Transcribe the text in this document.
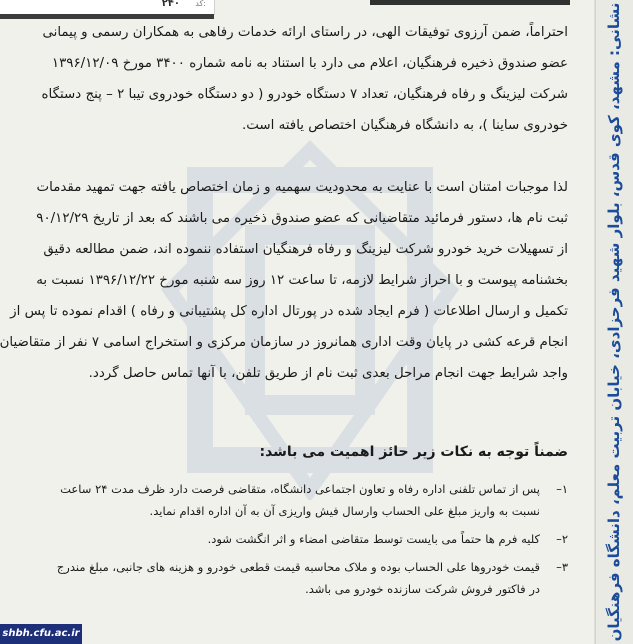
کد:
۲۴۰
احتراماً، ضمن آرزوی توفیقات الهی، در راستای ارائه خدمات رفاهی به همکاران رسمی و پیمانی
عضو صندوق ذخیره فرهنگیان، اعلام می دارد با استناد به نامه شماره ۳۴۰۰ مورخ ۱۳۹۶/۱۲/۰۹
شرکت لیزینگ و رفاه فرهنگیان، تعداد ۷ دستگاه خودرو ( دو دستگاه خودروی تیبا ۲ – پنج دستگاه
خودروی ساینا )، به دانشگاه فرهنگیان اختصاص یافته است.
لذا موجبات امتنان است با عنایت به محدودیت سهمیه و زمان اختصاص یافته جهت تمهید مقدمات
ثبت نام ها، دستور فرمائید متقاضیانی که عضو صندوق ذخیره می باشند که بعد از تاریخ ۹۰/۱۲/۲۹
از تسهیلات خرید خودرو شرکت لیزینگ و رفاه فرهنگیان استفاده ننموده اند، ضمن مطالعه دقیق
بخشنامه پیوست و با احراز شرایط لازمه، تا ساعت ۱۲ روز سه شنبه مورخ ۱۳۹۶/۱۲/۲۲ نسبت به
تکمیل و ارسال اطلاعات ( فرم ایجاد شده در پورتال اداره کل پشتیبانی و رفاه ) اقدام نموده تا پس از
انجام قرعه کشی در پایان وقت اداری همانروز در سازمان مرکزی و استخراج اسامی ۷ نفر از متقاضیان
واجد شرایط جهت انجام مراحل بعدی ثبت نام از طریق تلفن، با آنها تماس حاصل گردد.
ضمناً توجه به نکات زیر حائز اهمیت می باشد:
۱–
پس از تماس تلفنی اداره رفاه و تعاون اجتماعی دانشگاه، متقاضی فرصت دارد ظرف مدت ۲۴ ساعت
نسبت به واریز مبلغ علی الحساب وارسال فیش واریزی آن به آن اداره اقدام نماید.
۲–
کلیه فرم ها حتماً می بایست توسط متقاضی امضاء و اثر انگشت شود.
۳–
قیمت خودروها علی الحساب بوده و ملاک محاسبه قیمت قطعی خودرو و هزینه های جانبی، مبلغ مندرج
در فاکتور فروش شرکت سازنده خودرو می باشد.
shbh.cfu.ac.ir	نشانی: مشهد، کوی قدس، بلوار شهید فرحزادی، خیابان تربیت معلم، دانشگاه فرهنگیان
